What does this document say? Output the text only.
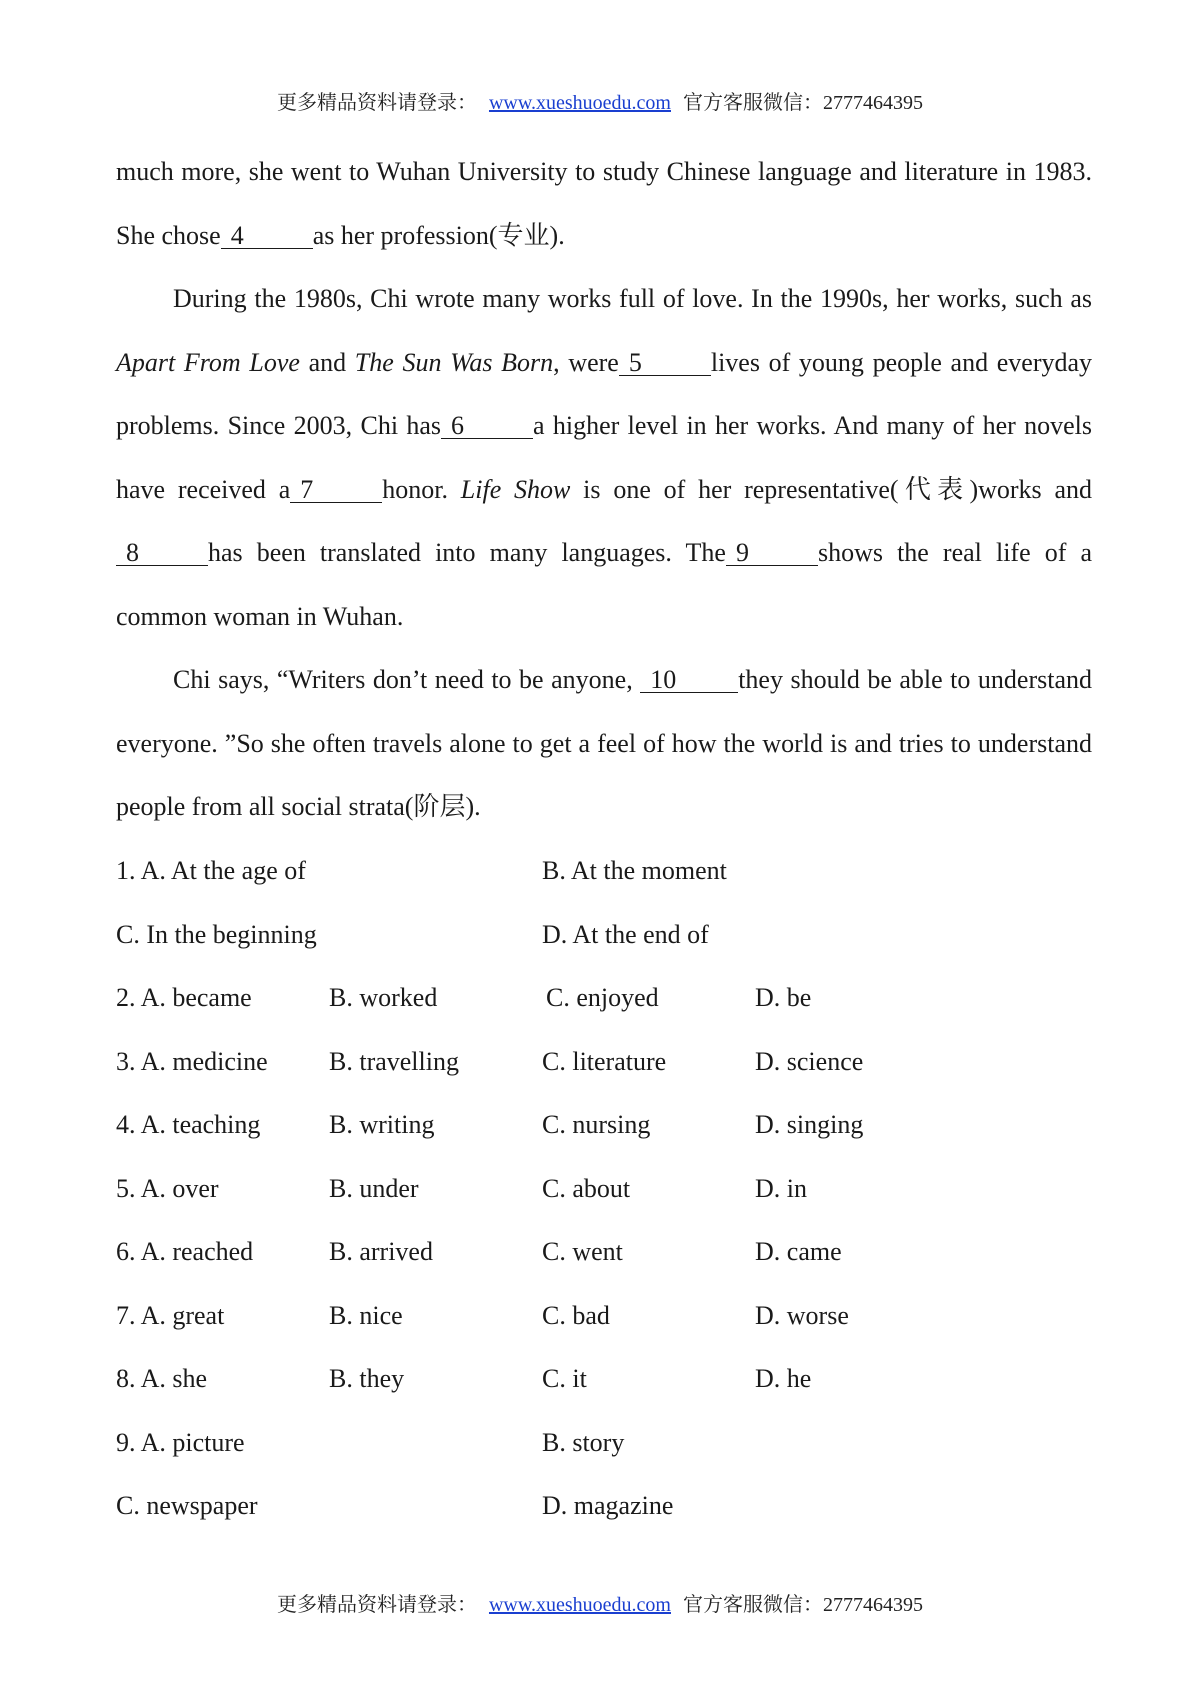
更多精品资料请登录： www.xueshuoedu.com 官方客服微信：2777464395

much more, she went to Wuhan University to study Chinese language and literature in 1983. She chose 4	as her profession(专业).

During the 1980s, Chi wrote many works full of love. In the 1990s, her works, such as Apart From Love and The Sun Was Born, were 5	lives of young people and everyday problems. Since 2003, Chi has 6	a higher level in her works. And many of her novels have received a 7	honor. Life Show is one of her representative(代表)works and8	has been translated into many languages. The 9	shows the real life of a common woman in Wuhan.

Chi says, “Writers don’t need to be anyone, 10 they should be able to understand everyone. ”So she often travels alone to get a feel of how the world is and tries to understand people from all social strata(阶层).

1. A. At the age of	B. At the moment
C. In the beginning	D. At the end of
2. A. became	B. worked	C. enjoyed	D. be
3. A. medicine B. travelling	C. literature	D. science
4. A. teaching	B. writing	C. nursing	D. singing
5. A. over	B. under	C. about	D. in
6. A. reached	B. arrived	C. went	D. came
7. A. great	B. nice	C. bad	D. worse
8. A. she	B. they	C. it	D. he
9. A. picture	B. story
C. newspaper	D. magazine
更多精品资料请登录： www.xueshuoedu.com 官方客服微信：2777464395
